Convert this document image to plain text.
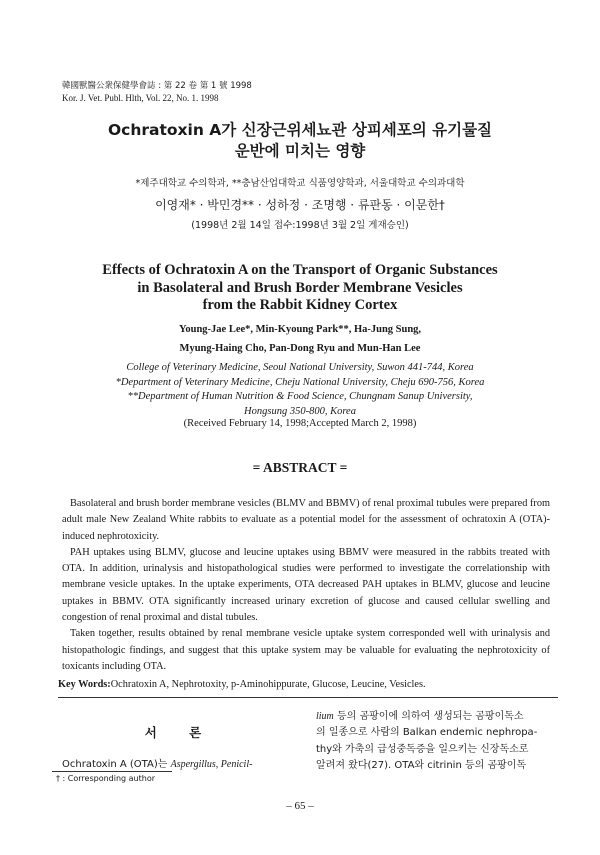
韓國獸醫公衆保健學會誌 : 第 22 卷 第 1 號 1998
Kor. J. Vet. Publ. Hlth, Vol. 22, No. 1. 1998
Ochratoxin A가 신장근위세뇨관 상피세포의 유기물질
운반에 미치는 영향
*제주대학교 수의학과, **충남산업대학교 식품영양학과, 서울대학교 수의과대학
이영재* · 박민경** · 성하정 · 조명행 · 류판동 · 이문한†
(1998년 2월 14일 접수:1998년 3월 2일 게재승인)
Effects of Ochratoxin A on the Transport of Organic Substances
in Basolateral and Brush Border Membrane Vesicles
from the Rabbit Kidney Cortex
Young-Jae Lee*, Min-Kyoung Park**, Ha-Jung Sung,
Myung-Haing Cho, Pan-Dong Ryu and Mun-Han Lee
College of Veterinary Medicine, Seoul National University, Suwon 441-744, Korea
*Department of Veterinary Medicine, Cheju National University, Cheju 690-756, Korea
**Department of Human Nutrition & Food Science, Chungnam Sanup University,
Hongsung 350-800, Korea
(Received February 14, 1998;Accepted March 2, 1998)
= ABSTRACT =

Basolateral and brush border membrane vesicles (BLMV and BBMV) of renal proximal tubules were prepared from adult male New Zealand White rabbits to evaluate as a potential model for the assessment of ochratoxin A (OTA)-induced nephrotoxicity.

PAH uptakes using BLMV, glucose and leucine uptakes using BBMV were measured in the rabbits treated with OTA. In addition, urinalysis and histopathological studies were performed to investigate the correlationship with membrane vesicle uptakes. In the uptake experiments, OTA decreased PAH uptakes in BLMV, glucose and leucine uptakes in BBMV. OTA significantly increased urinary excretion of glucose and caused cellular swelling and congestion of renal proximal and distal tubules.

Taken together, results obtained by renal membrane vesicle uptake system corresponded well with urinalysis and histopathologic findings, and suggest that this uptake system may be valuable for evaluating the nephrotoxicity of toxicants including OTA.

Key Words:Ochratoxin A, Nephrotoxity, p-Aminohippurate, Glucose, Leucine, Vesicles.
서 론
Ochratoxin A (OTA)는 Aspergillus, Penicil-
lium 등의 곰팡이에 의하여 생성되는 곰팡이독소
의 일종으로 사람의 Balkan endemic nephropa-
thy와 가축의 급성중독증을 일으키는 신장독소로
알려져 왔다(27). OTA와 citrinin 등의 곰팡이독
† : Corresponding author
– 65 –
